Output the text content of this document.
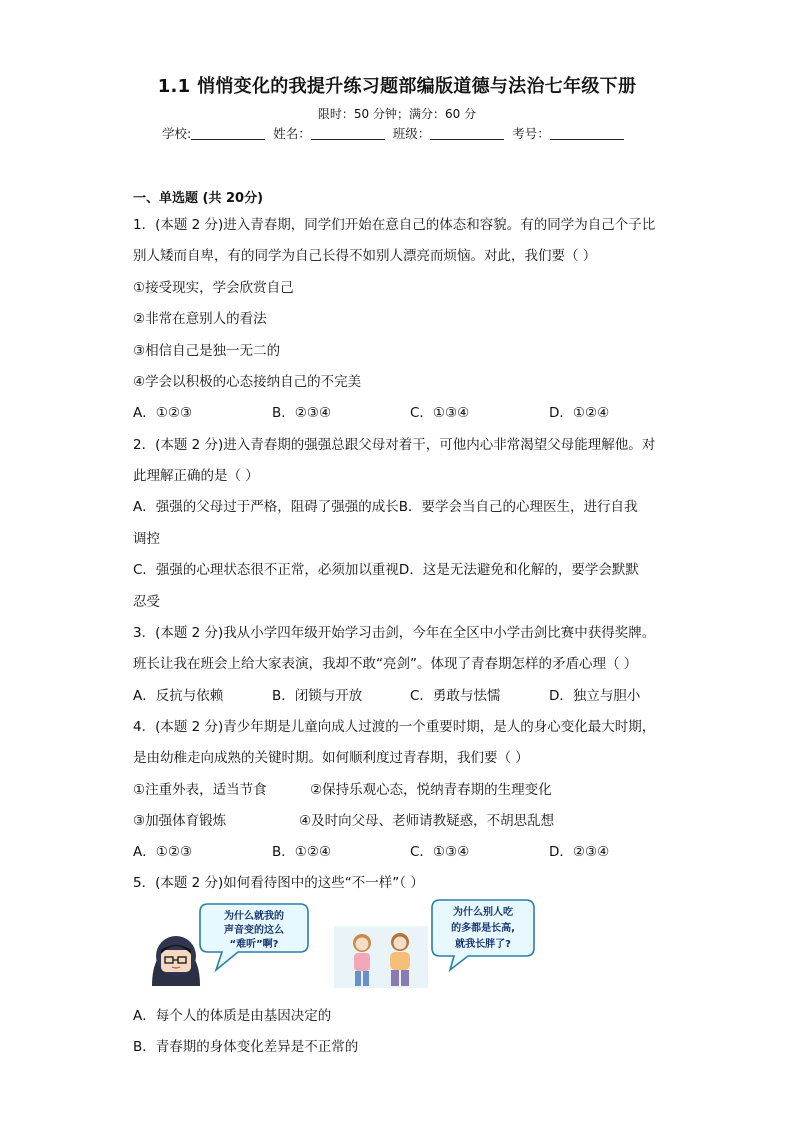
1.1 悄悄变化的我提升练习题部编版道德与法治七年级下册
限时：50 分钟；满分：60 分
学校:	姓名：	班级：	考号：
一、单选题 (共 20分)
1．(本题 2 分)进入青春期，同学们开始在意自己的体态和容貌。有的同学为自己个子比
别人矮而自卑，有的同学为自己长得不如别人漂亮而烦恼。对此，我们要（ ）
①接受现实，学会欣赏自己
②非常在意别人的看法
③相信自己是独一无二的
④学会以积极的心态接纳自己的不完美
A．①②③	B．②③④	C．①③④	D．①②④
2．(本题 2 分)进入青春期的强强总跟父母对着干，可他内心非常渴望父母能理解他。对
此理解正确的是（ ）
A．强强的父母过于严格，阻碍了强强的成长B．要学会当自己的心理医生，进行自我
调控
C．强强的心理状态很不正常，必须加以重视D．这是无法避免和化解的，要学会默默
忍受
3．(本题 2 分)我从小学四年级开始学习击剑，今年在全区中小学击剑比赛中获得奖牌。
班长让我在班会上给大家表演，我却不敢“亮剑”。体现了青春期怎样的矛盾心理（ ）
A．反抗与依赖	B．闭锁与开放	C．勇敢与怯懦	D．独立与胆小
4．(本题 2 分)青少年期是儿童向成人过渡的一个重要时期，是人的身心变化最大时期，
是由幼稚走向成熟的关键时期。如何顺利度过青春期，我们要（ ）
①注重外表，适当节食	②保持乐观心态，悦纳青春期的生理变化
③加强体育锻炼	④及时向父母、老师请教疑惑，不胡思乱想
A．①②③	B．①②④	C．①③④	D．②③④
5．(本题 2 分)如何看待图中的这些“不一样”（ ）
为什么就我的
声音变的这么
“难听”啊?
为什么别人吃
的多都是长高,
就我长胖了?
A．每个人的体质是由基因决定的
B．青春期的身体变化差异是不正常的
